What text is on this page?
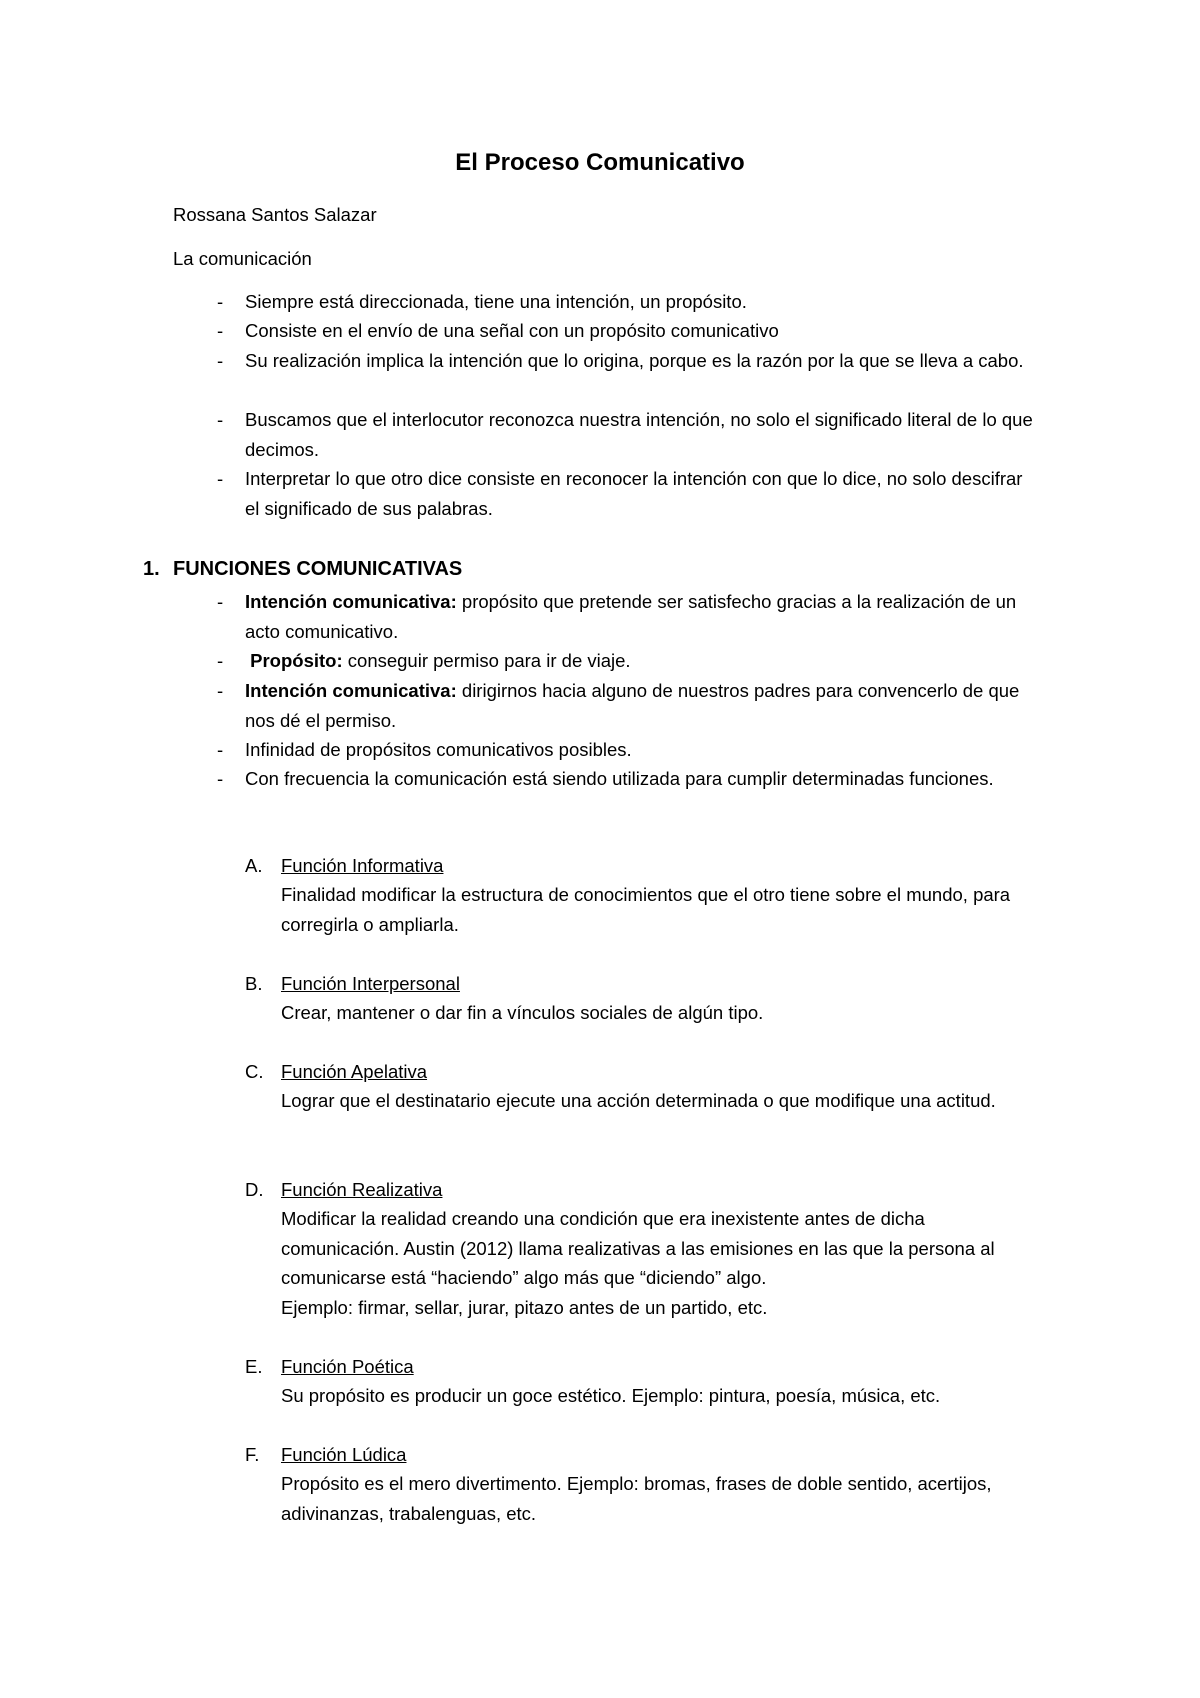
El Proceso Comunicativo
Rossana Santos Salazar
La comunicación
- Siempre está direccionada, tiene una intención, un propósito.
- Consiste en el envío de una señal con un propósito comunicativo
- Su realización implica la intención que lo origina, porque es la razón por la que se lleva a cabo.
- Buscamos que el interlocutor reconozca nuestra intención, no solo el significado literal de lo que decimos.
- Interpretar lo que otro dice consiste en reconocer la intención con que lo dice, no solo descifrar el significado de sus palabras.
1. FUNCIONES COMUNICATIVAS
- Intención comunicativa: propósito que pretende ser satisfecho gracias a la realización de un acto comunicativo.
- Propósito: conseguir permiso para ir de viaje.
- Intención comunicativa: dirigirnos hacia alguno de nuestros padres para convencerlo de que nos dé el permiso.
- Infinidad de propósitos comunicativos posibles.
- Con frecuencia la comunicación está siendo utilizada para cumplir determinadas funciones.
A. Función Informativa
Finalidad modificar la estructura de conocimientos que el otro tiene sobre el mundo, para corregirla o ampliarla.
B. Función Interpersonal
Crear, mantener o dar fin a vínculos sociales de algún tipo.
C. Función Apelativa
Lograr que el destinatario ejecute una acción determinada o que modifique una actitud.
D. Función Realizativa
Modificar la realidad creando una condición que era inexistente antes de dicha comunicación. Austin (2012) llama realizativas a las emisiones en las que la persona al comunicarse está “haciendo” algo más que “diciendo” algo.
Ejemplo: firmar, sellar, jurar, pitazo antes de un partido, etc.
E. Función Poética
Su propósito es producir un goce estético. Ejemplo: pintura, poesía, música, etc.
F. Función Lúdica
Propósito es el mero divertimento. Ejemplo: bromas, frases de doble sentido, acertijos, adivinanzas, trabalenguas, etc.
